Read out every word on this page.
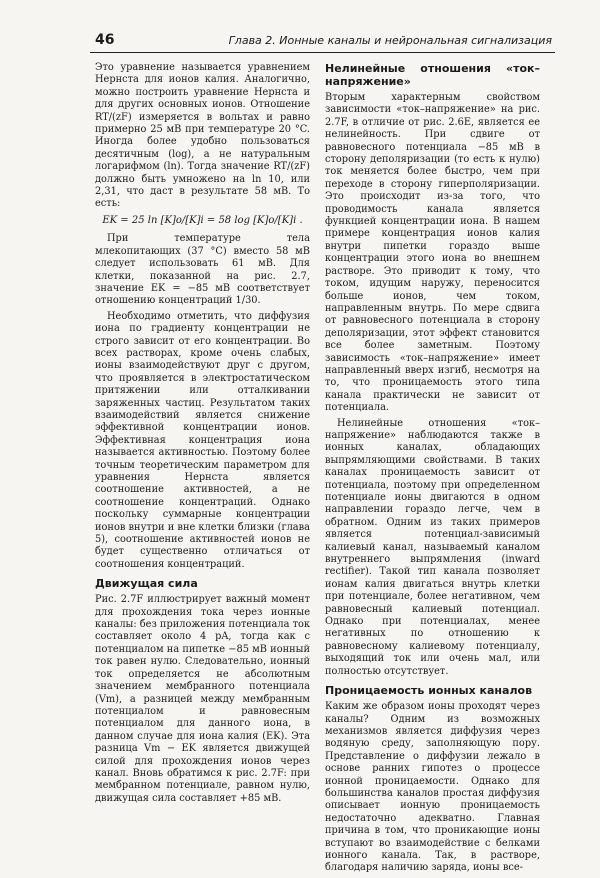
46	Глава 2. Ионные каналы и нейрональная сигнализация

Это уравнение называется уравнением Нернста для ионов калия. Аналогично, можно построить уравнение Нернста и для других основных ионов. Отношение RT/(zF) измеряется в вольтах и равно примерно 25 мВ при температуре 20 °C. Иногда более удобно пользоваться десятичным (log), а не натуральным логарифмом (ln). Тогда значение RT/(zF) должно быть умножено на ln 10, или 2,31, что даст в результате 58 мВ. То есть:

EK = 25 ln [K]o/[K]i = 58 log [K]o/[K]i .

При температуре тела млекопитающих (37 °C) вместо 58 мВ следует использовать 61 мВ. Для клетки, показанной на рис. 2.7, значение EK = −85 мВ соответствует отношению концентраций 1/30.

Необходимо отметить, что диффузия иона по градиенту концентрации не строго зависит от его концентрации. Во всех растворах, кроме очень слабых, ионы взаимодействуют друг с другом, что проявляется в электростатическом притяжении или отталкивании заряженных частиц. Результатом таких взаимодействий является снижение эффективной концентрации ионов. Эффективная концентрация иона называется активностью. Поэтому более точным теоретическим параметром для уравнения Нернста является соотношение активностей, а не соотношение концентраций. Однако поскольку суммарные концентрации ионов внутри и вне клетки близки (глава 5), соотношение активностей ионов не будет существенно отличаться от соотношения концентраций.

Движущая сила

Рис. 2.7F иллюстрирует важный момент для прохождения тока через ионные каналы: без приложения потенциала ток составляет около 4 pA, тогда как с потенциалом на пипетке −85 мВ ионный ток равен нулю. Следовательно, ионный ток определяется не абсолютным значением мембранного потенциала (Vm), а разницей между мембранным потенциалом и равновесным потенциалом для данного иона, в данном случае для иона калия (EK). Эта разница Vm − EK является движущей силой для прохождения ионов через канал. Вновь обратимся к рис. 2.7F: при мембранном потенциале, равном нулю, движущая сила составляет +85 мВ.

Нелинейные отношения «ток–напряжение»

Вторым характерным свойством зависимости «ток–напряжение» на рис. 2.7F, в отличие от рис. 2.6E, является ее нелинейность. При сдвиге от равновесного потенциала −85 мВ в сторону деполяризации (то есть к нулю) ток меняется более быстро, чем при переходе в сторону гиперполяризации. Это происходит из-за того, что проводимость канала является функцией концентрации иона. В нашем примере концентрация ионов калия внутри пипетки гораздо выше концентрации этого иона во внешнем растворе. Это приводит к тому, что током, идущим наружу, переносится больше ионов, чем током, направленным внутрь. По мере сдвига от равновесного потенциала в сторону деполяризации, этот эффект становится все более заметным. Поэтому зависимость «ток–напряжение» имеет направленный вверх изгиб, несмотря на то, что проницаемость этого типа канала практически не зависит от потенциала.

Нелинейные отношения «ток–напряжение» наблюдаются также в ионных каналах, обладающих выпрямляющими свойствами. В таких каналах проницаемость зависит от потенциала, поэтому при определенном потенциале ионы двигаются в одном направлении гораздо легче, чем в обратном. Одним из таких примеров является потенциал-зависимый калиевый канал, называемый каналом внутреннего выпрямления (inward rectifier). Такой тип канала позволяет ионам калия двигаться внутрь клетки при потенциале, более негативном, чем равновесный калиевый потенциал. Однако при потенциалах, менее негативных по отношению к равновесному калиевому потенциалу, выходящий ток или очень мал, или полностью отсутствует.

Проницаемость ионных каналов

Каким же образом ионы проходят через каналы? Одним из возможных механизмов является диффузия через водяную среду, заполняющую пору. Представление о диффузии лежало в основе ранних гипотез о процессе ионной проницаемости. Однако для большинства каналов простая диффузия описывает ионную проницаемость недостаточно адекватно. Главная причина в том, что проникающие ионы вступают во взаимодействие с белками ионного канала. Так, в растворе, благодаря наличию заряда, ионы все-
